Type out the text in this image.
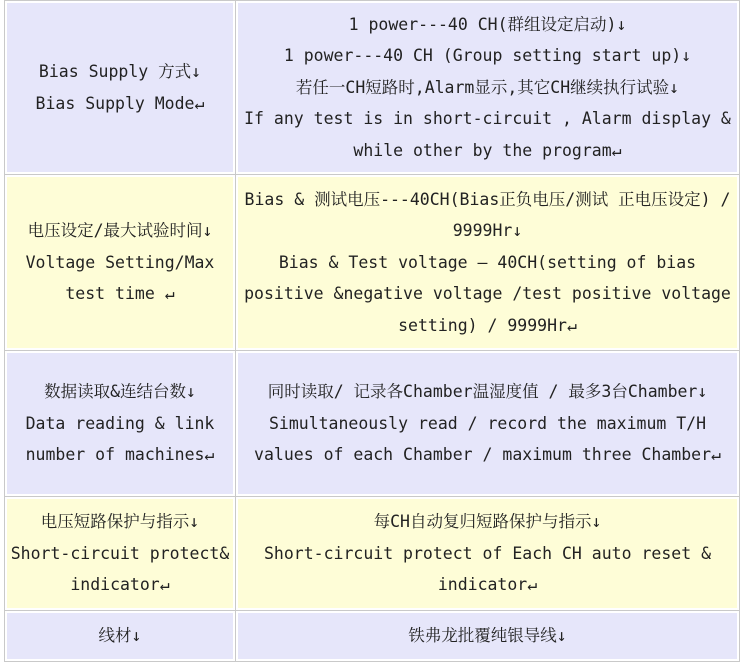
Bias Supply 方式↓
Bias Supply Mode↵	1 power---40 CH(群组设定启动)↓
1 power---40 CH (Group setting start up)↓
若任一CH短路时,Alarm显示,其它CH继续执行试验↓
If any test is in short-circuit , Alarm display & while other by the program↵

电压设定/最大试验时间↓
Voltage Setting/Max test time ↵	Bias & 测试电压---40CH(Bias正负电压/测试 正电压设定) / 9999Hr↓
Bias & Test voltage – 40CH(setting of bias positive &negative voltage /test positive voltage setting) / 9999Hr↵

数据读取&连结台数↓
Data reading & link number of machines↵	同时读取/ 记录各Chamber温湿度值 / 最多3台Chamber↓
Simultaneously read / record the maximum T/H values of each Chamber / maximum three Chamber↵

电压短路保护与指示↓
Short-circuit protect& indicator↵	每CH自动复归短路保护与指示↓
Short-circuit protect of Each CH auto reset & indicator↵

线材↓	铁弗龙批覆纯银导线↓
